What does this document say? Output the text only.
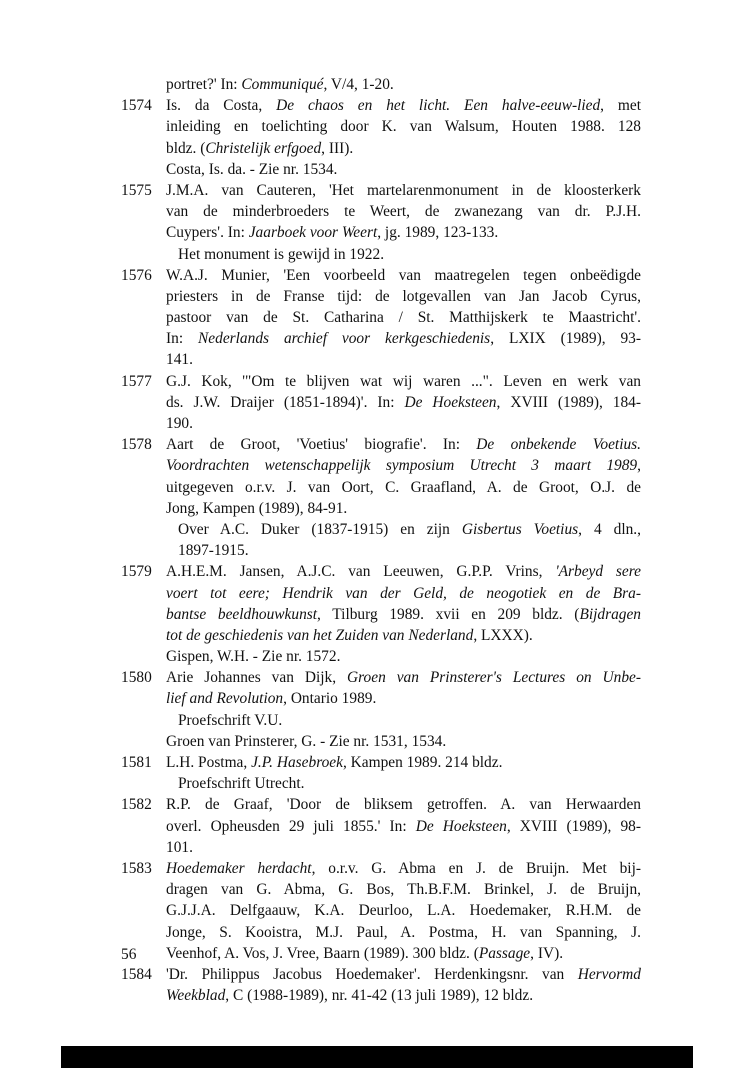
portret?' In: Communiqué, V/4, 1-20.
1574 Is. da Costa, De chaos en het licht. Een halve-eeuw-lied, met
inleiding en toelichting door K. van Walsum, Houten 1988. 128
bldz. (Christelijk erfgoed, III).
Costa, Is. da. - Zie nr. 1534.
1575 J.M.A. van Cauteren, 'Het martelarenmonument in de kloosterkerk
van de minderbroeders te Weert, de zwanezang van dr. P.J.H.
Cuypers'. In: Jaarboek voor Weert, jg. 1989, 123-133.
Het monument is gewijd in 1922.
1576 W.A.J. Munier, 'Een voorbeeld van maatregelen tegen onbeëdigde
priesters in de Franse tijd: de lotgevallen van Jan Jacob Cyrus,
pastoor van de St. Catharina / St. Matthijskerk te Maastricht'.
In: Nederlands archief voor kerkgeschiedenis, LXIX (1989), 93-
141.
1577 G.J. Kok, '"Om te blijven wat wij waren ...". Leven en werk van
ds. J.W. Draijer (1851-1894)'. In: De Hoeksteen, XVIII (1989), 184-
190.
1578 Aart de Groot, 'Voetius' biografie'. In: De onbekende Voetius.
Voordrachten wetenschappelijk symposium Utrecht 3 maart 1989,
uitgegeven o.r.v. J. van Oort, C. Graafland, A. de Groot, O.J. de
Jong, Kampen (1989), 84-91.
Over A.C. Duker (1837-1915) en zijn Gisbertus Voetius, 4 dln.,
1897-1915.
1579 A.H.E.M. Jansen, A.J.C. van Leeuwen, G.P.P. Vrins, 'Arbeyd sere
voert tot eere; Hendrik van der Geld, de neogotiek en de Bra-
bantse beeldhouwkunst, Tilburg 1989. xvii en 209 bldz. (Bijdragen
tot de geschiedenis van het Zuiden van Nederland, LXXX).
Gispen, W.H. - Zie nr. 1572.
1580 Arie Johannes van Dijk, Groen van Prinsterer's Lectures on Unbe-
lief and Revolution, Ontario 1989.
Proefschrift V.U.
Groen van Prinsterer, G. - Zie nr. 1531, 1534.
1581 L.H. Postma, J.P. Hasebroek, Kampen 1989. 214 bldz.
Proefschrift Utrecht.
1582 R.P. de Graaf, 'Door de bliksem getroffen. A. van Herwaarden
overl. Opheusden 29 juli 1855.' In: De Hoeksteen, XVIII (1989), 98-
101.
1583 Hoedemaker herdacht, o.r.v. G. Abma en J. de Bruijn. Met bij-
dragen van G. Abma, G. Bos, Th.B.F.M. Brinkel, J. de Bruijn,
G.J.J.A. Delfgaauw, K.A. Deurloo, L.A. Hoedemaker, R.H.M. de
Jonge, S. Kooistra, M.J. Paul, A. Postma, H. van Spanning, J.
Veenhof, A. Vos, J. Vree, Baarn (1989). 300 bldz. (Passage, IV).
1584 'Dr. Philippus Jacobus Hoedemaker'. Herdenkingsnr. van Hervormd
Weekblad, C (1988-1989), nr. 41-42 (13 juli 1989), 12 bldz.
56
